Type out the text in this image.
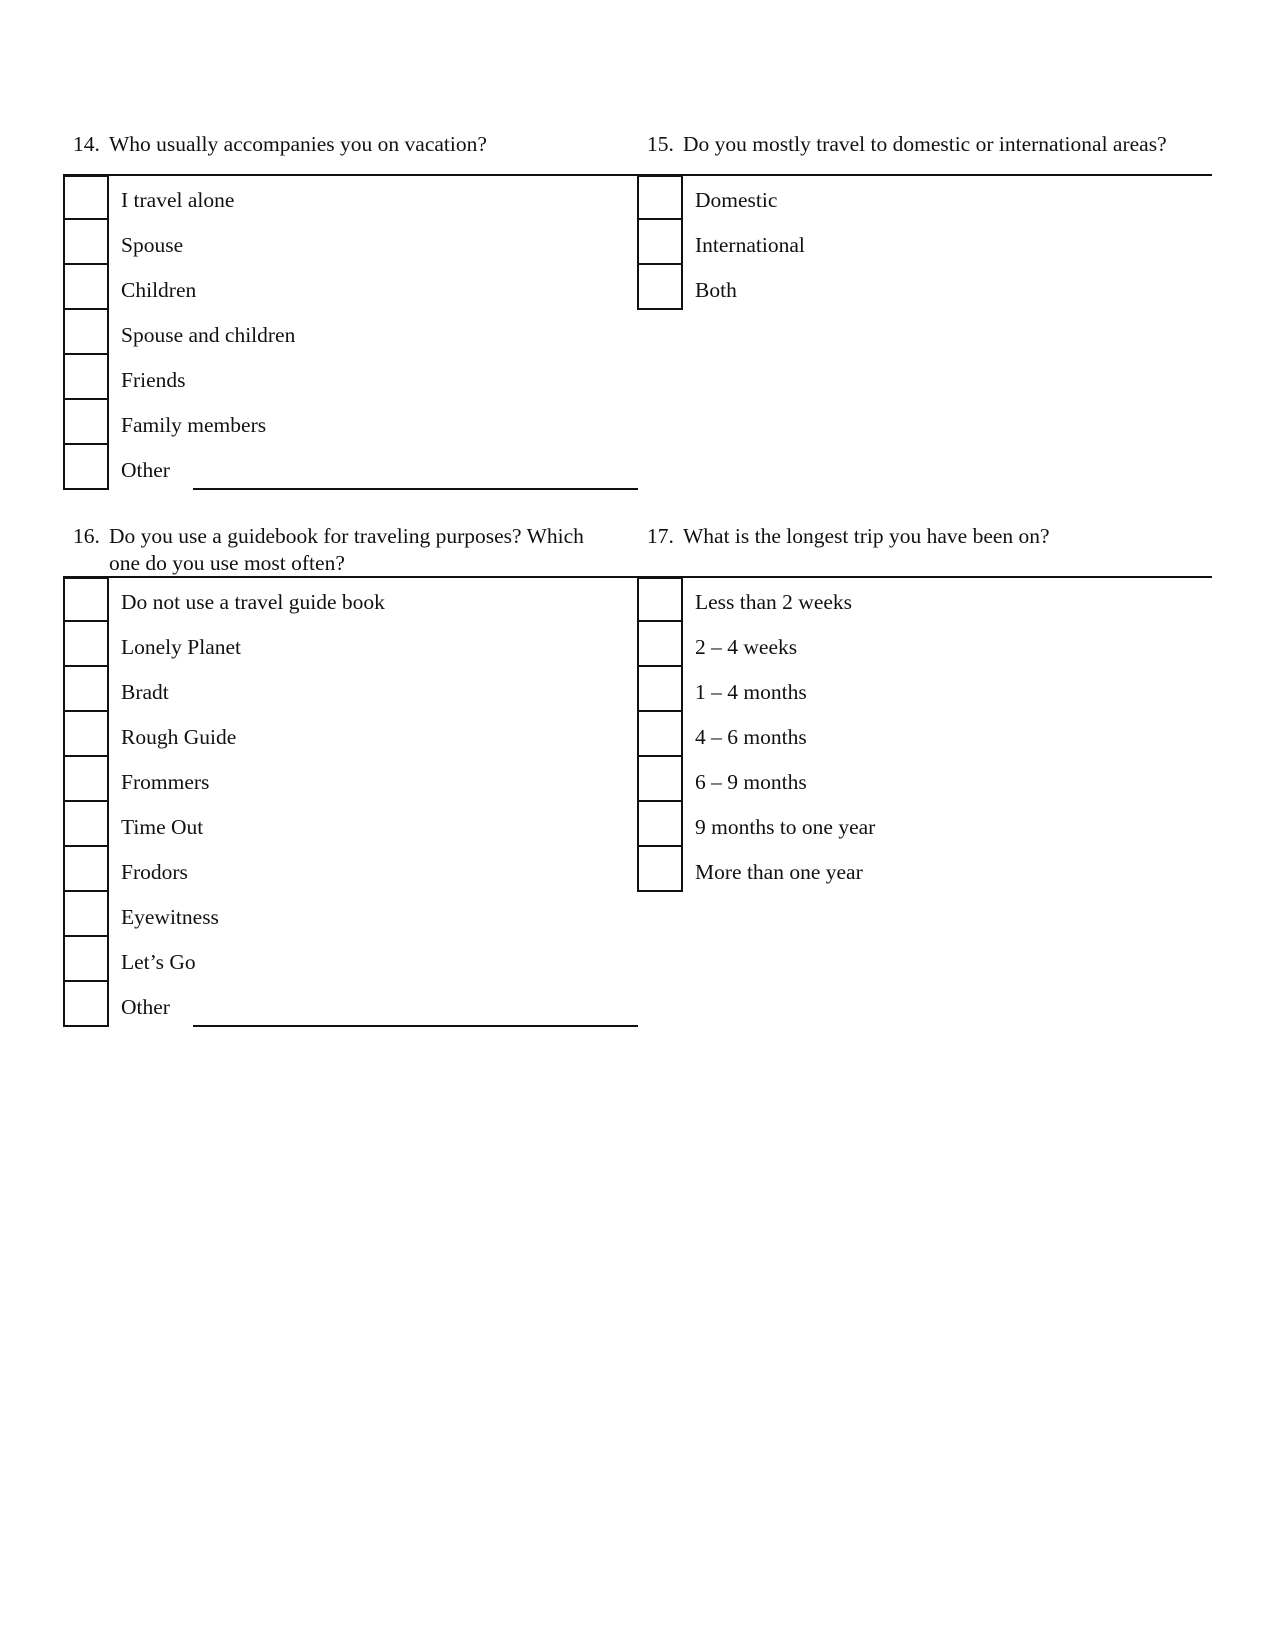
14. Who usually accompanies you on vacation?
I travel alone
Spouse
Children
Spouse and children
Friends
Family members
Other
15. Do you mostly travel to domestic or international areas?
Domestic
International
Both
16. Do you use a guidebook for traveling purposes? Which
one do you use most often?
Do not use a travel guide book
Lonely Planet
Bradt
Rough Guide
Frommers
Time Out
Frodors
Eyewitness
Let’s Go
Other
17. What is the longest trip you have been on?
Less than 2 weeks
2 – 4 weeks
1 – 4 months
4 – 6 months
6 – 9 months
9 months to one year
More than one year
